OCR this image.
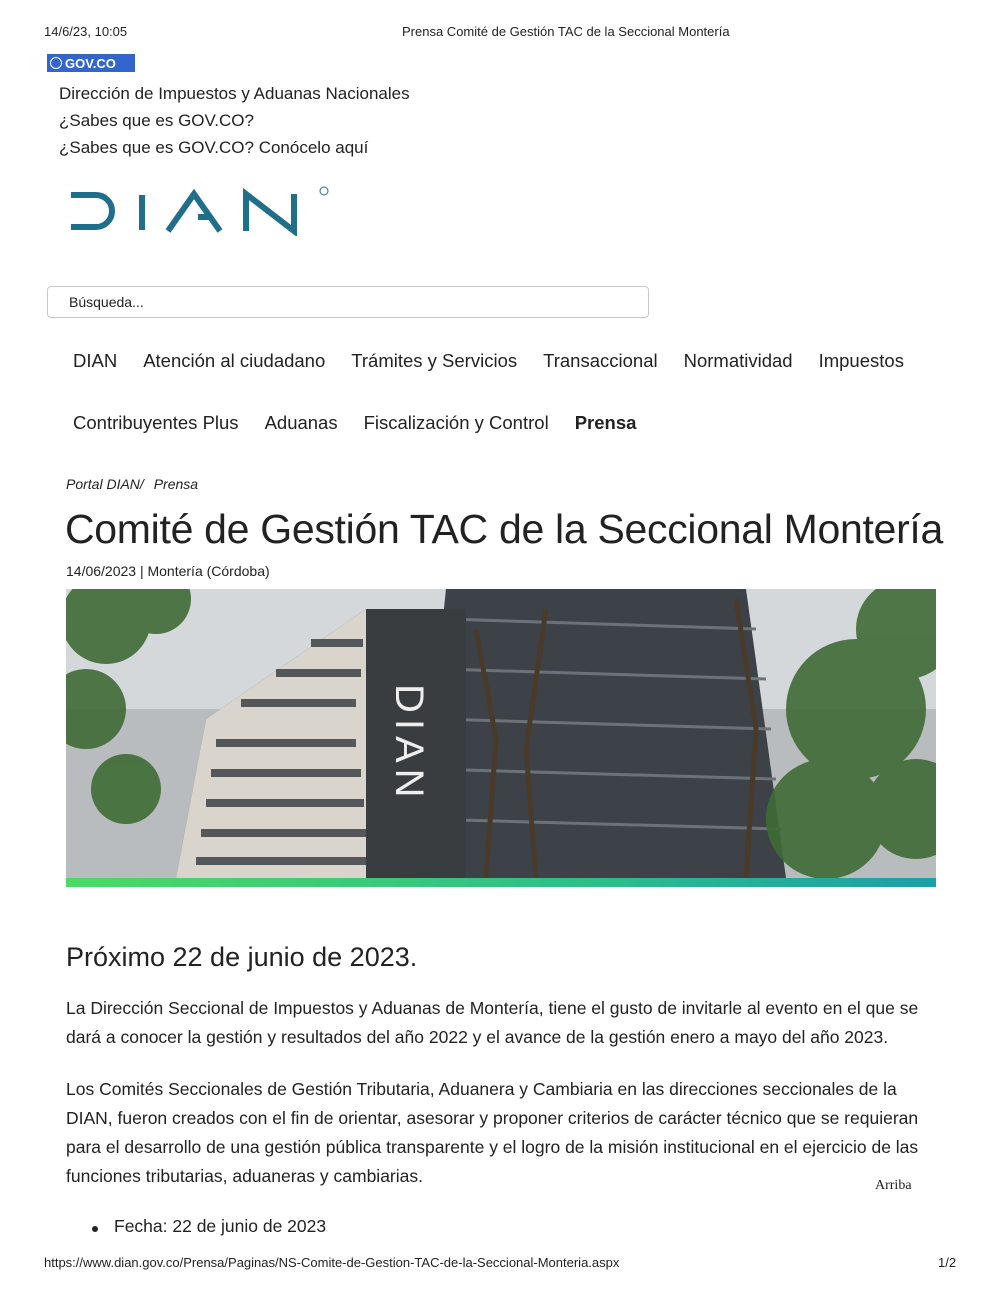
14/6/23, 10:05	Prensa Comité de Gestión TAC de la Seccional Montería
GOV.CO
Dirección de Impuestos y Aduanas Nacionales
¿Sabes que es GOV.CO?
¿Sabes que es GOV.CO? Conócelo aquí
Búsqueda...
DIAN Atención al ciudadano Trámites y Servicios Transaccional Normatividad Impuestos
Contribuyentes Plus Aduanas Fiscalización y Control Prensa
Portal DIAN/ Prensa
Comité de Gestión TAC de la Seccional Montería
14/06/2023 | Montería (Córdoba)
DIAN
Próximo 22 de junio de 2023.

La Dirección Seccional de Impuestos y Aduanas de Montería, tiene el gusto de invitarle al evento en el que se dará a conocer la gestión y resultados del año 2022 y el avance de la gestión enero a mayo del año 2023.

Los Comités Seccionales de Gestión Tributaria, Aduanera y Cambiaria en las direcciones seccionales de la DIAN, fueron creados con el fin de orientar, asesorar y proponer criterios de carácter técnico que se requieran para el desarrollo de una gestión pública transparente y el logro de la misión institucional en el ejercicio de las funciones tributarias, aduaneras y cambiarias.	Arriba
Fecha: 22 de junio de 2023
https://www.dian.gov.co/Prensa/Paginas/NS-Comite-de-Gestion-TAC-de-la-Seccional-Monteria.aspx	1/2
